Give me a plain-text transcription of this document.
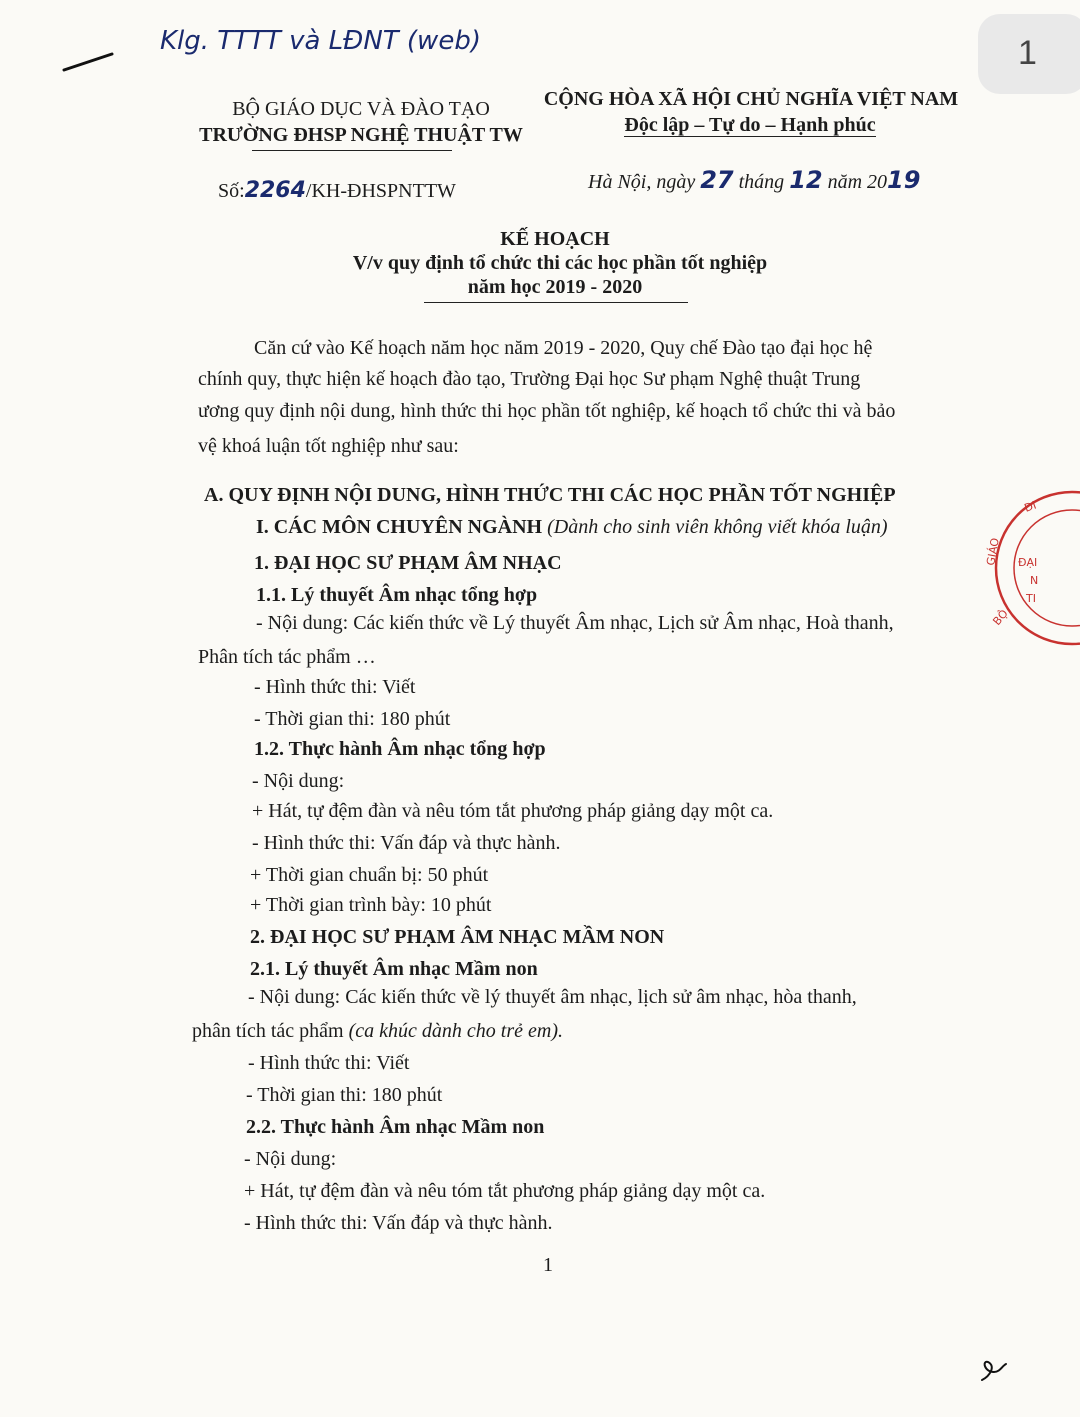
Klg. TTTT và LĐNT (web)	1
BỘ GIÁO DỤC VÀ ĐÀO TẠO
TRƯỜNG ĐHSP NGHỆ THUẬT TW
CỘNG HÒA XÃ HỘI CHỦ NGHĨA VIỆT NAM
Độc lập – Tự do – Hạnh phúc
Số:2264/KH-ĐHSPNTTW	Hà Nội, ngày 27 tháng 12 năm 2019
KẾ HOẠCH
V/v quy định tổ chức thi các học phần tốt nghiệp
năm học 2019 - 2020
Căn cứ vào Kế hoạch năm học năm 2019 - 2020, Quy chế Đào tạo đại học hệ
chính quy, thực hiện kế hoạch đào tạo, Trường Đại học Sư phạm Nghệ thuật Trung
ương quy định nội dung, hình thức thi học phần tốt nghiệp, kế hoạch tổ chức thi và bảo
vệ khoá luận tốt nghiệp như sau:
A. QUY ĐỊNH NỘI DUNG, HÌNH THỨC THI CÁC HỌC PHẦN TỐT NGHIỆP
I. CÁC MÔN CHUYÊN NGÀNH (Dành cho sinh viên không viết khóa luận)
1. ĐẠI HỌC SƯ PHẠM ÂM NHẠC
1.1. Lý thuyết Âm nhạc tổng hợp
- Nội dung: Các kiến thức về Lý thuyết Âm nhạc, Lịch sử Âm nhạc, Hoà thanh,
Phân tích tác phẩm …
- Hình thức thi: Viết
- Thời gian thi: 180 phút
1.2. Thực hành Âm nhạc tổng hợp
- Nội dung:
+ Hát, tự đệm đàn và nêu tóm tắt phương pháp giảng dạy một ca.
- Hình thức thi: Vấn đáp và thực hành.
+ Thời gian chuẩn bị: 50 phút
+ Thời gian trình bày: 10 phút
2. ĐẠI HỌC SƯ PHẠM ÂM NHẠC MẦM NON
2.1. Lý thuyết Âm nhạc Mầm non
- Nội dung: Các kiến thức về lý thuyết âm nhạc, lịch sử âm nhạc, hòa thanh,
phân tích tác phẩm (ca khúc dành cho trẻ em).
- Hình thức thi: Viết
- Thời gian thi: 180 phút
2.2. Thực hành Âm nhạc Mầm non
- Nội dung:
+ Hát, tự đệm đàn và nêu tóm tắt phương pháp giảng dạy một ca.
- Hình thức thi: Vấn đáp và thực hành.
1
GIÁO ĐẠI
N
TI
BỘ
DI
